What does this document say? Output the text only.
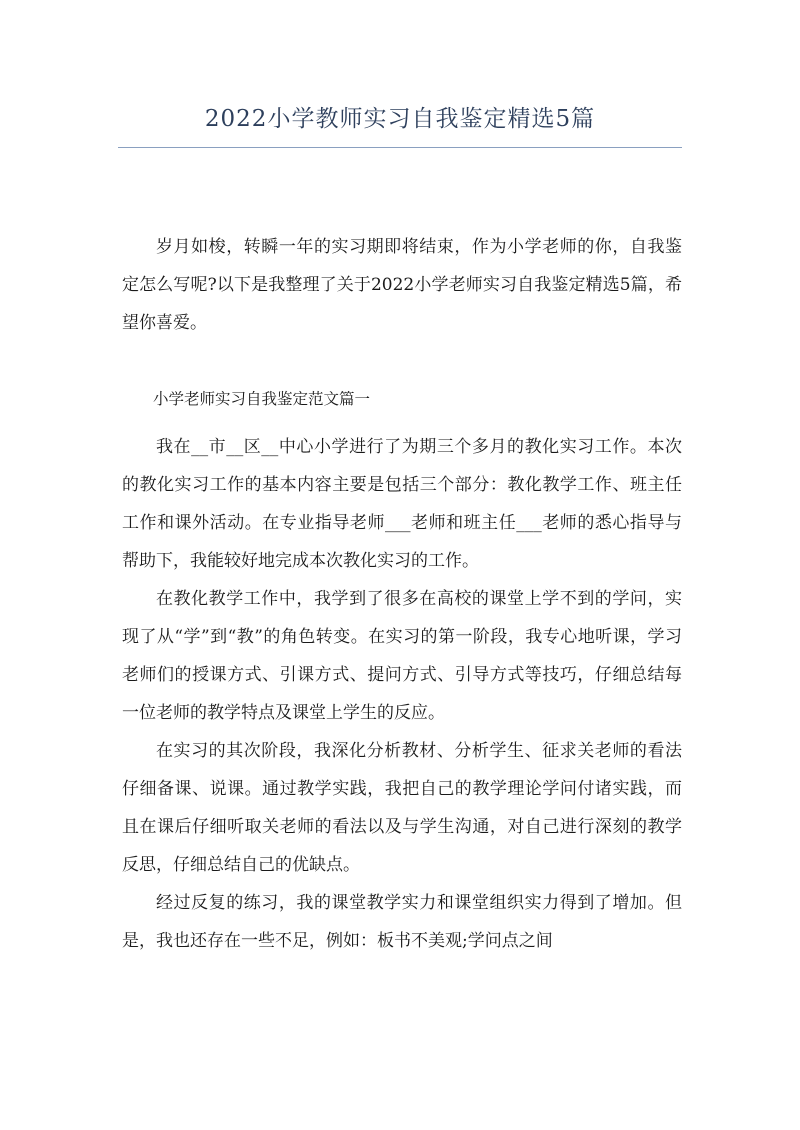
2022小学教师实习自我鉴定精选5篇

岁月如梭，转瞬一年的实习期即将结束，作为小学老师的你，自我鉴定怎么写呢?以下是我整理了关于2022小学老师实习自我鉴定精选5篇，希望你喜爱。

小学老师实习自我鉴定范文篇一

我在__市__区__中心小学进行了为期三个多月的教化实习工作。本次的教化实习工作的基本内容主要是包括三个部分：教化教学工作、班主任工作和课外活动。在专业指导老师___老师和班主任___老师的悉心指导与帮助下，我能较好地完成本次教化实习的工作。

在教化教学工作中，我学到了很多在高校的课堂上学不到的学问，实现了从“学”到“教”的角色转变。在实习的第一阶段，我专心地听课，学习老师们的授课方式、引课方式、提问方式、引导方式等技巧，仔细总结每一位老师的教学特点及课堂上学生的反应。

在实习的其次阶段，我深化分析教材、分析学生、征求关老师的看法仔细备课、说课。通过教学实践，我把自己的教学理论学问付诸实践，而且在课后仔细听取关老师的看法以及与学生沟通，对自己进行深刻的教学反思，仔细总结自己的优缺点。

经过反复的练习，我的课堂教学实力和课堂组织实力得到了增加。但是，我也还存在一些不足，例如：板书不美观;学问点之间
